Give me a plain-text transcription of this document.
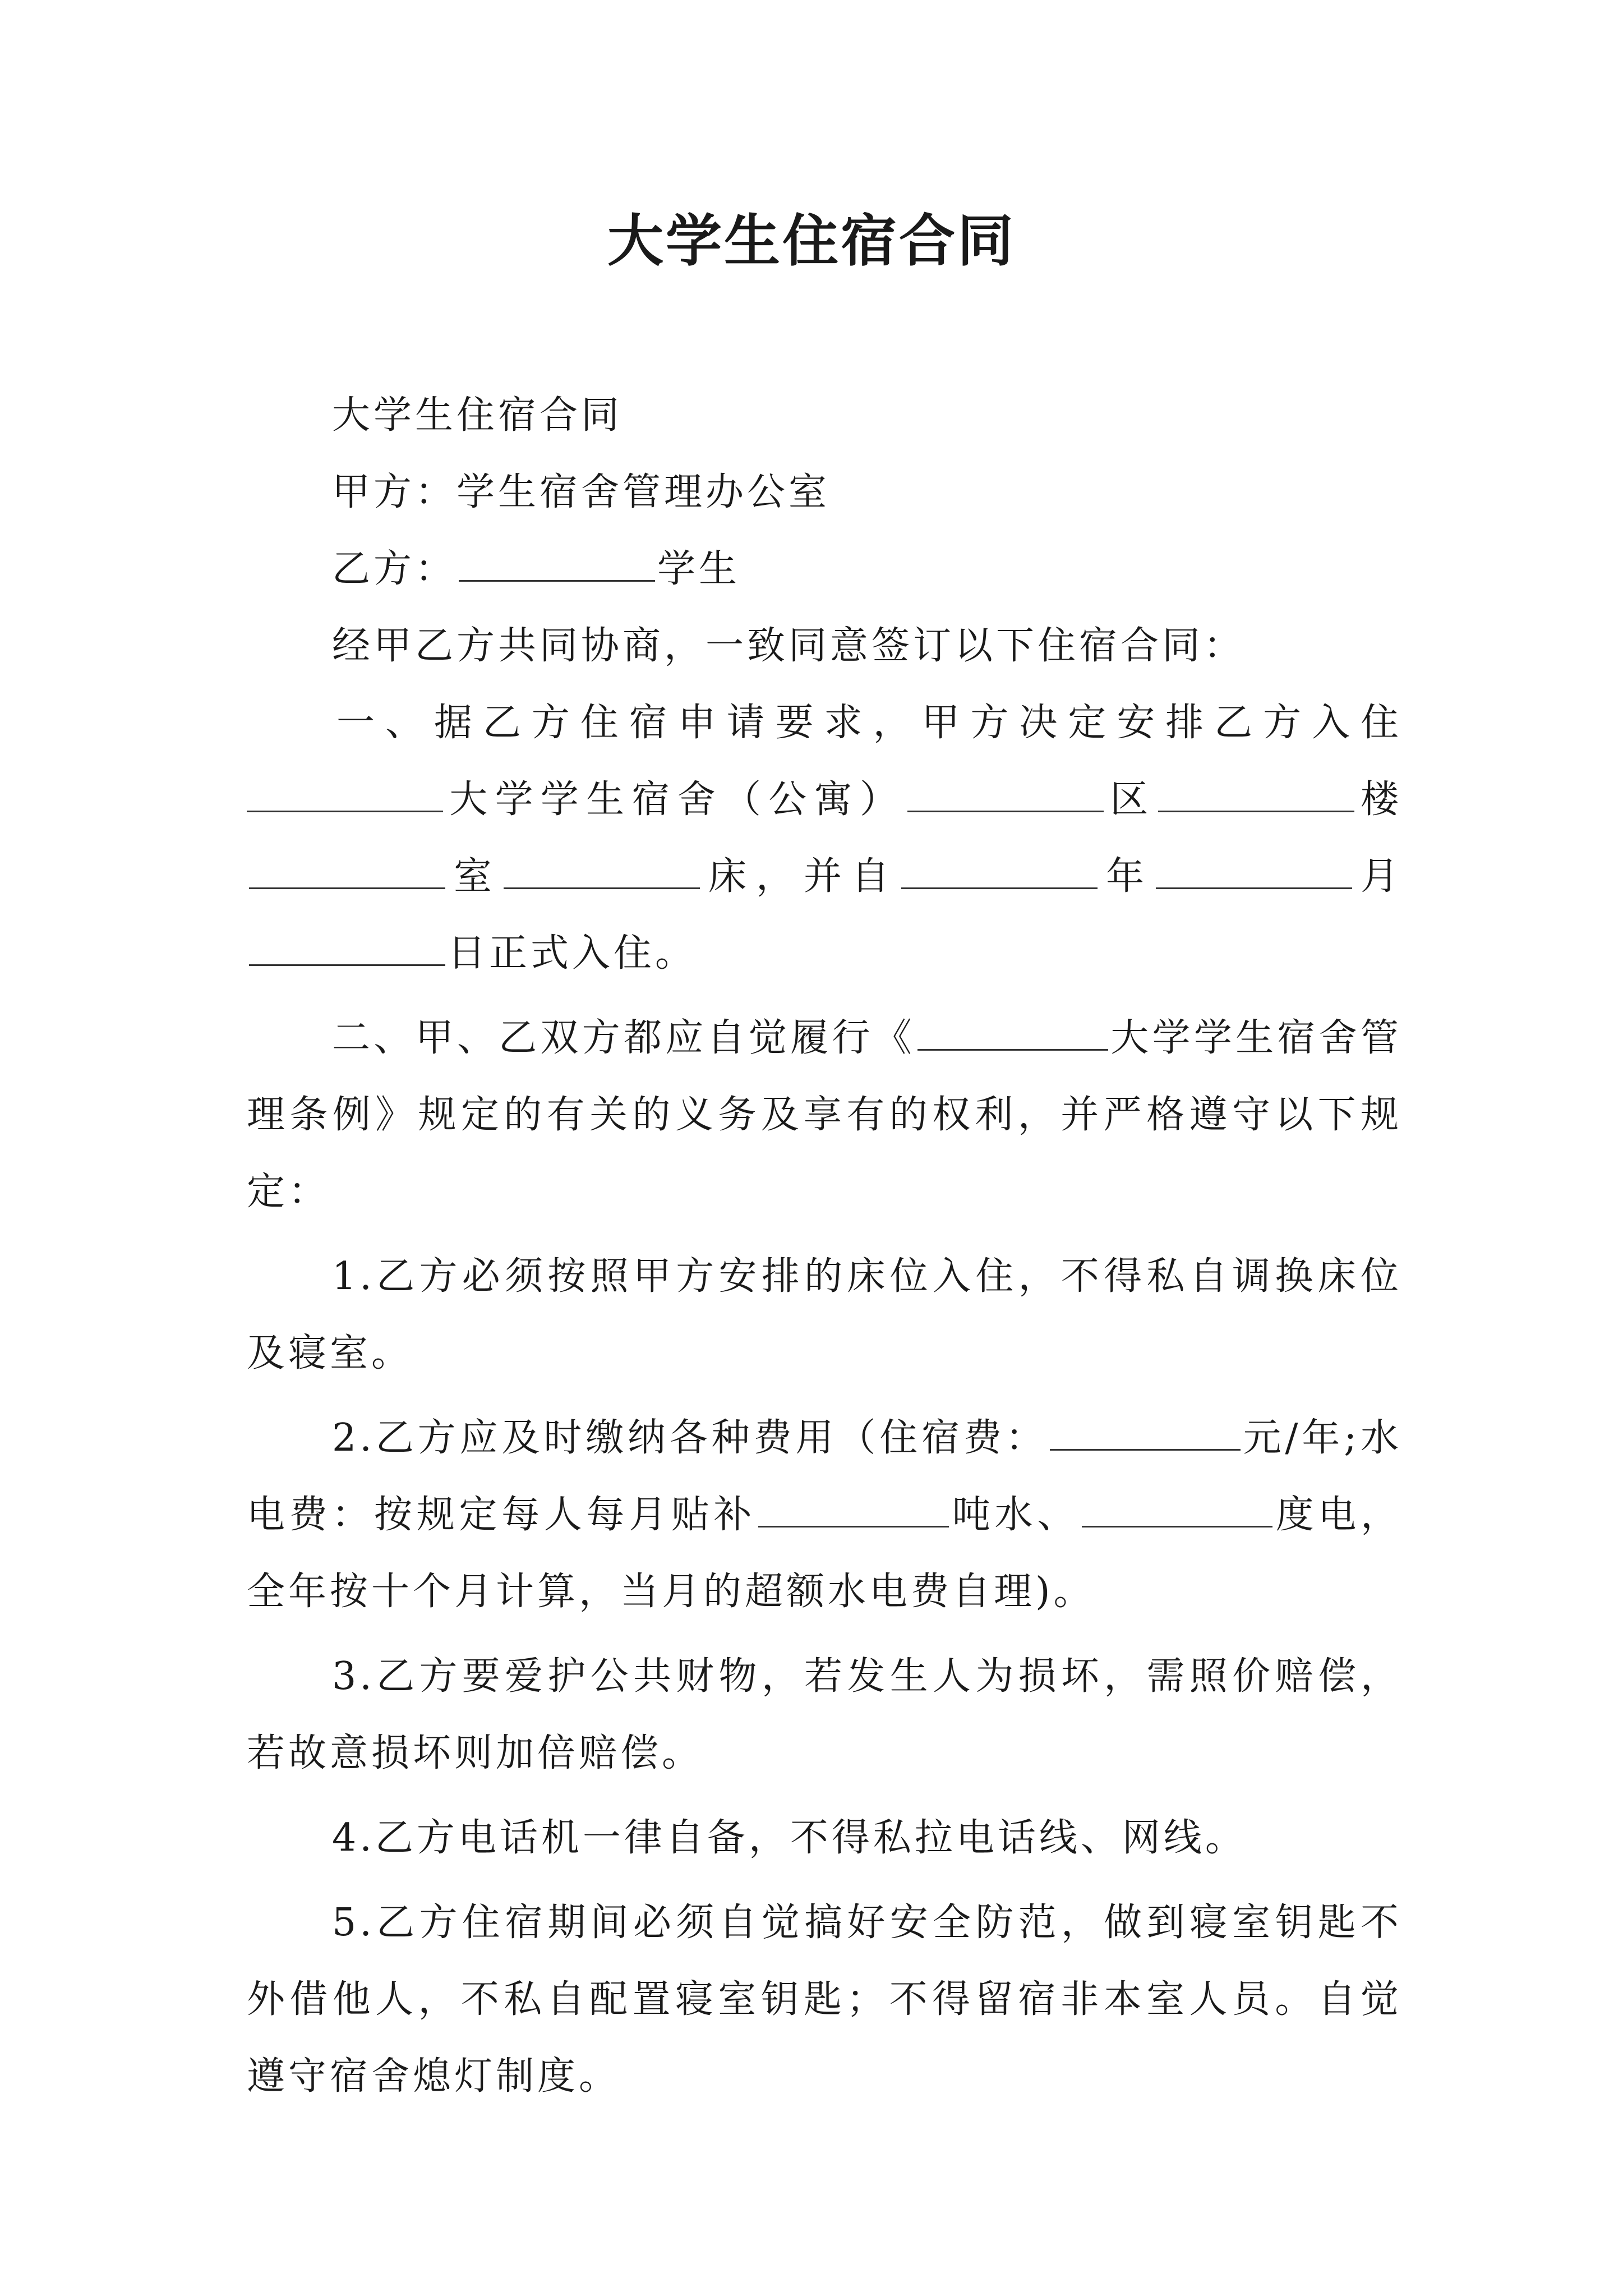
大学生住宿合同

大学生住宿合同

甲方：学生宿舍管理办公室

乙方：	学生

经甲乙方共同协商，一致同意签订以下住宿合同：

一、据乙方住宿申请要求，甲方决定安排乙方入住大学学生宿舍（公寓）	区	楼室	床，并自	年	月日正式入住。

二、甲、乙双方都应自觉履行《	大学学生宿舍管理条例》规定的有关的义务及享有的权利，并严格遵守以下规定：

1.乙方必须按照甲方安排的床位入住，不得私自调换床位及寝室。

2.乙方应及时缴纳各种费用（住宿费：	元/年;水电费：按规定每人每月贴补	吨水、	度电，全年按十个月计算，当月的超额水电费自理)。

3.乙方要爱护公共财物，若发生人为损坏，需照价赔偿，若故意损坏则加倍赔偿。

4.乙方电话机一律自备，不得私拉电话线、网线。

5.乙方住宿期间必须自觉搞好安全防范，做到寝室钥匙不外借他人，不私自配置寝室钥匙；不得留宿非本室人员。自觉遵守宿舍熄灯制度。
